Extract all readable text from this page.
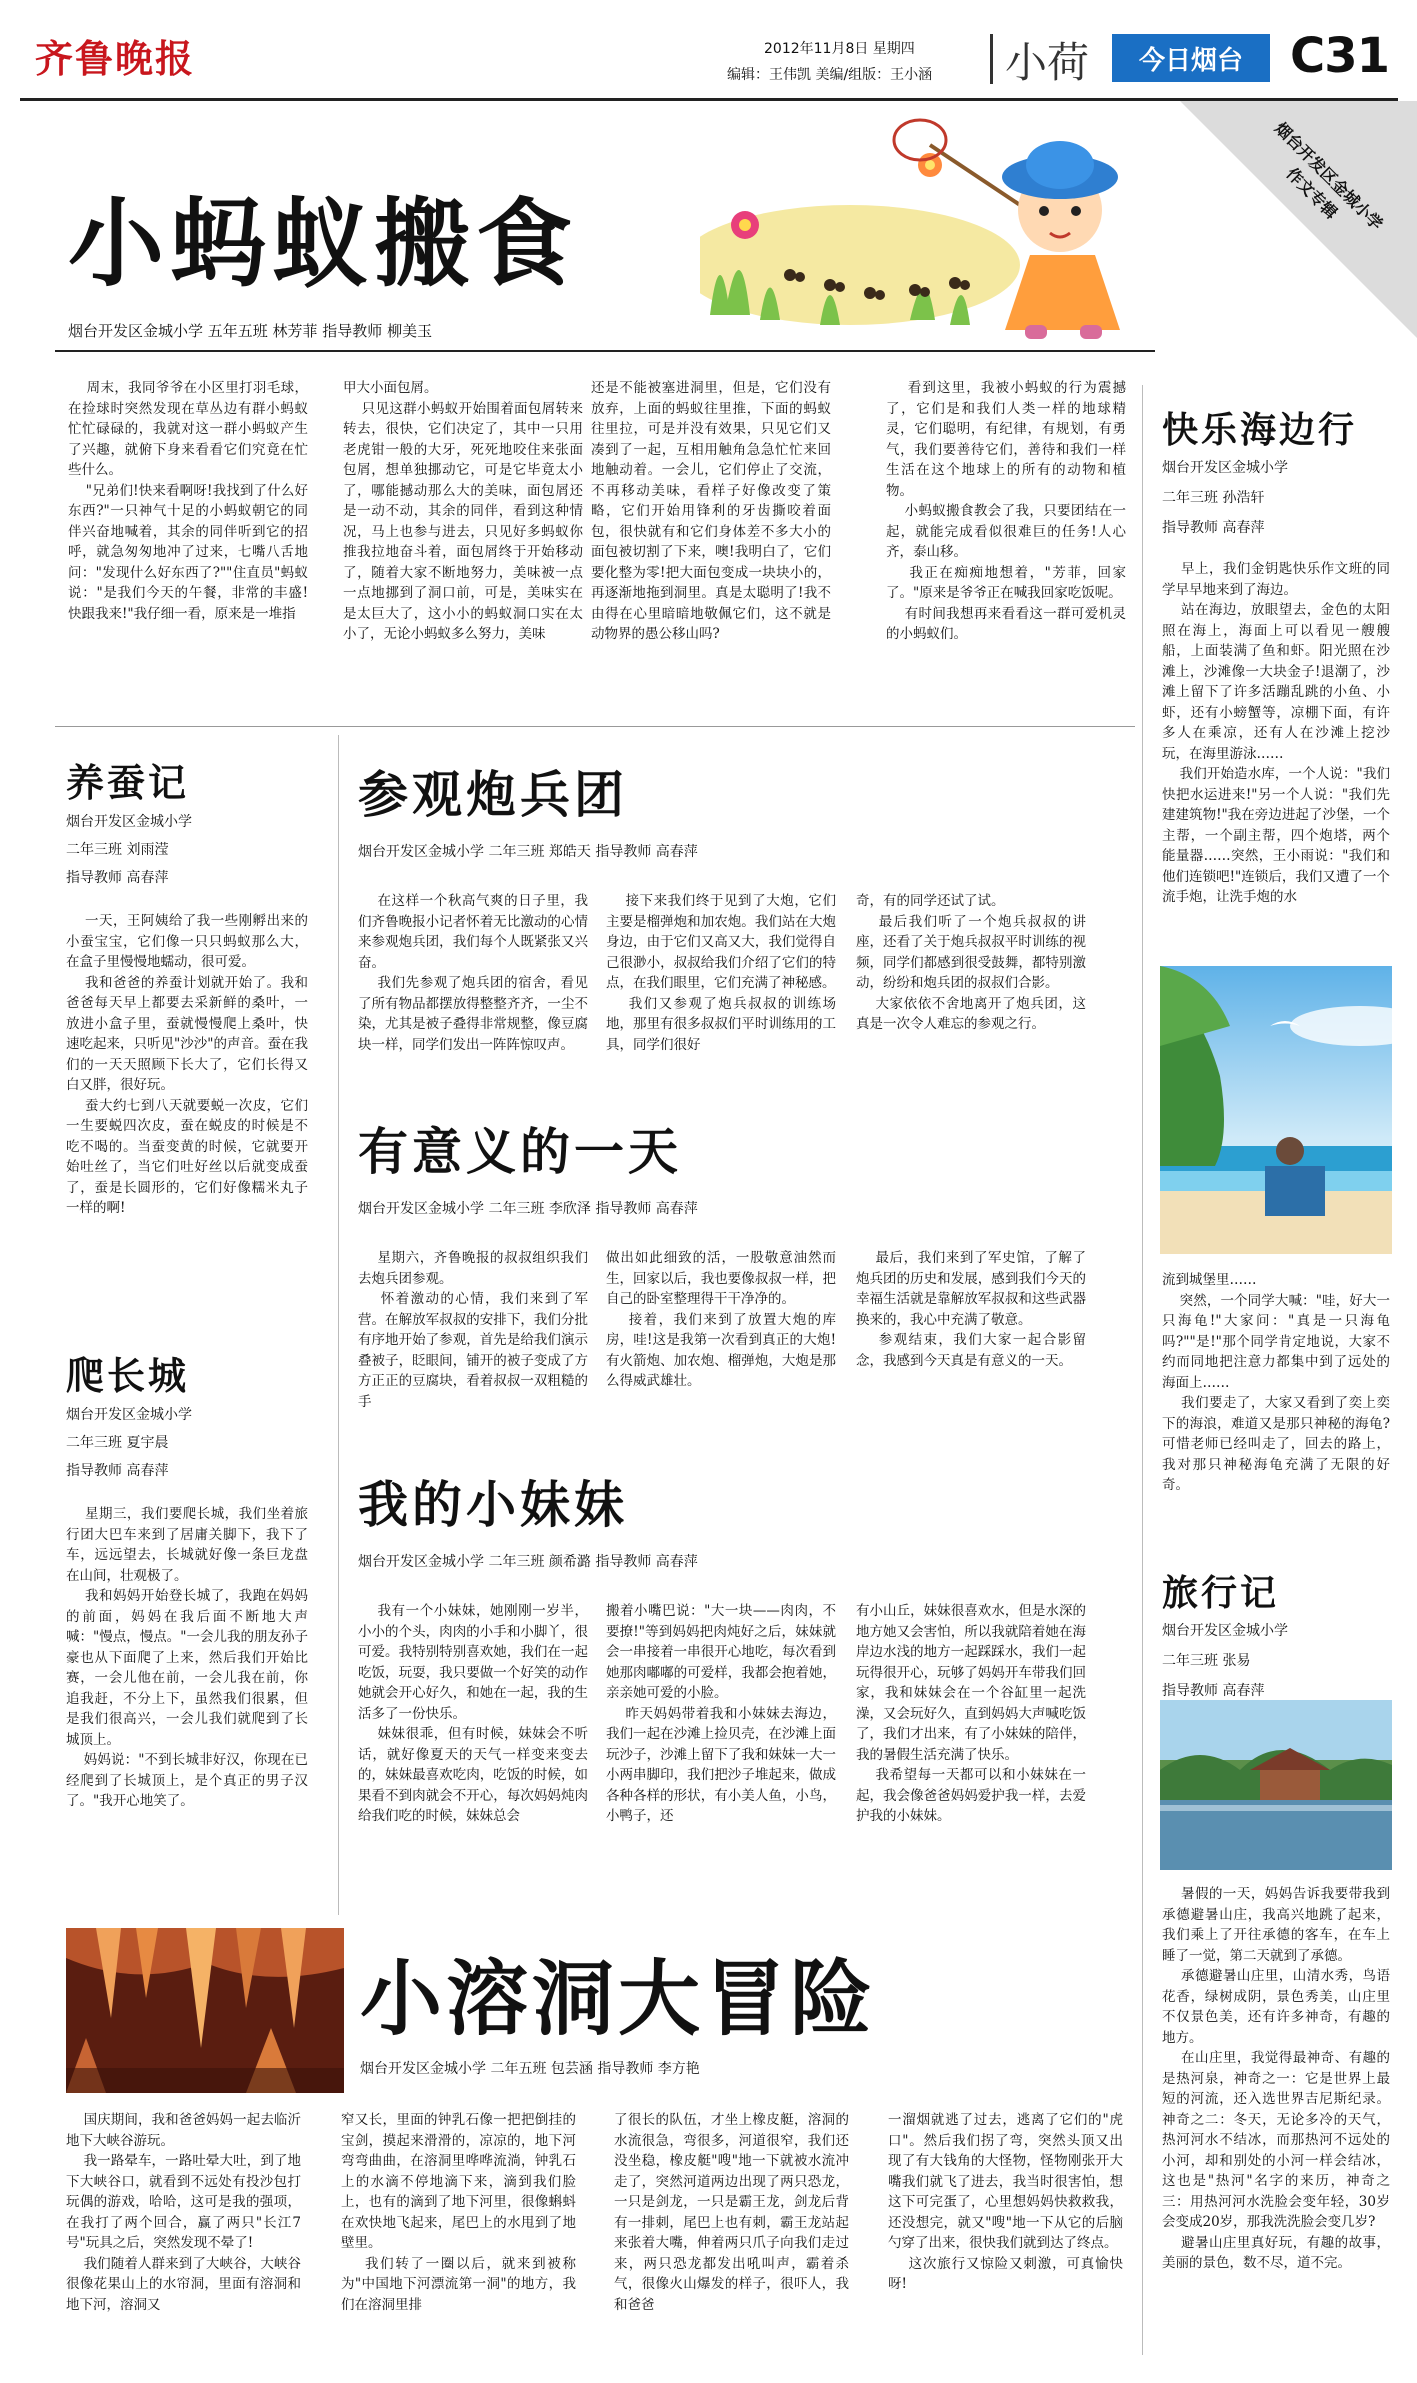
齐鲁晚报	2012年11月8日 星期四
编辑：王伟凯 美编/组版：王小涵 小荷	今日烟台 C31
烟台开发区金城小学
作文专辑
小蚂蚁搬食
烟台开发区金城小学 五年五班 林芳菲 指导教师 柳美玉

周末，我同爷爷在小区里打羽毛球，在捡球时突然发现在草丛边有群小蚂蚁忙忙碌碌的，我就对这一群小蚂蚁产生了兴趣，就俯下身来看看它们究竟在忙些什么。
"兄弟们!快来看啊呀!我找到了什么好东西?"一只神气十足的小蚂蚁朝它的同伴兴奋地喊着，其余的同伴听到它的招呼，就急匆匆地冲了过来，七嘴八舌地问："发现什么好东西了?""住直员"蚂蚁说："是我们今天的午餐，非常的丰盛!快跟我来!"我仔细一看，原来是一堆指

甲大小面包屑。
只见这群小蚂蚁开始围着面包屑转来转去，很快，它们决定了，其中一只用老虎钳一般的大牙，死死地咬住来张面包屑，想单独挪动它，可是它毕竟太小了，哪能撼动那么大的美味，面包屑还是一动不动，其余的同伴，看到这种情况，马上也参与进去，只见好多蚂蚁你推我拉地奋斗着，面包屑终于开始移动了，随着大家不断地努力，美味被一点一点地挪到了洞口前，可是，美味实在是太巨大了，这小小的蚂蚁洞口实在太小了，无论小蚂蚁多么努力，美味

还是不能被塞进洞里，但是，它们没有放弃，上面的蚂蚁往里推，下面的蚂蚁往里拉，可是并没有效果，只见它们又凑到了一起，互相用触角急急忙忙来回地触动着。一会儿，它们停止了交流，不再移动美味，看样子好像改变了策略，它们开始用锋利的牙齿撕咬着面包，很快就有和它们身体差不多大小的面包被切割了下来，噢!我明白了，它们要化整为零!把大面包变成一块块小的，再逐渐地拖到洞里。真是太聪明了!我不由得在心里暗暗地敬佩它们，这不就是动物界的愚公移山吗?

看到这里，我被小蚂蚁的行为震撼了，它们是和我们人类一样的地球精灵，它们聪明，有纪律，有规划，有勇气，我们要善待它们，善待和我们一样生活在这个地球上的所有的动物和植物。
小蚂蚁搬食教会了我，只要团结在一起，就能完成看似很难巨的任务!人心齐，泰山移。
我正在痴痴地想着，"芳菲，回家了。"原来是爷爷正在喊我回家吃饭呢。
有时间我想再来看看这一群可爱机灵的小蚂蚁们。

养蚕记
烟台开发区金城小学
二年三班 刘雨滢
指导教师 高春萍

一天，王阿姨给了我一些刚孵出来的小蚕宝宝，它们像一只只蚂蚁那么大，在盒子里慢慢地蠕动，很可爱。
我和爸爸的养蚕计划就开始了。我和爸爸每天早上都要去采新鲜的桑叶，一放进小盒子里，蚕就慢慢爬上桑叶，快速吃起来，只听见"沙沙"的声音。蚕在我们的一天天照顾下长大了，它们长得又白又胖，很好玩。
蚕大约七到八天就要蜕一次皮，它们一生要蜕四次皮，蚕在蜕皮的时候是不吃不喝的。当蚕变黄的时候，它就要开始吐丝了，当它们吐好丝以后就变成蚕了，蚕是长圆形的，它们好像糯米丸子一样的啊!

爬长城
烟台开发区金城小学
二年三班 夏宇晨
指导教师 高春萍

星期三，我们要爬长城，我们坐着旅行团大巴车来到了居庸关脚下，我下了车，远远望去，长城就好像一条巨龙盘在山间，壮观极了。
我和妈妈开始登长城了，我跑在妈妈的前面，妈妈在我后面不断地大声喊："慢点，慢点。"一会儿我的朋友孙子豪也从下面爬了上来，然后我们开始比赛，一会儿他在前，一会儿我在前，你追我赶，不分上下，虽然我们很累，但是我们很高兴，一会儿我们就爬到了长城顶上。
妈妈说："不到长城非好汉，你现在已经爬到了长城顶上，是个真正的男子汉了。"我开心地笑了。

参观炮兵团
烟台开发区金城小学 二年三班 郑皓天 指导教师 高春萍

在这样一个秋高气爽的日子里，我们齐鲁晚报小记者怀着无比激动的心情来参观炮兵团，我们每个人既紧张又兴奋。
我们先参观了炮兵团的宿舍，看见了所有物品都摆放得整整齐齐，一尘不染，尤其是被子叠得非常规整，像豆腐块一样，同学们发出一阵阵惊叹声。

接下来我们终于见到了大炮，它们主要是榴弹炮和加农炮。我们站在大炮身边，由于它们又高又大，我们觉得自己很渺小，叔叔给我们介绍了它们的特点，在我们眼里，它们充满了神秘感。
我们又参观了炮兵叔叔的训练场地，那里有很多叔叔们平时训练用的工具，同学们很好

奇，有的同学还试了试。
最后我们听了一个炮兵叔叔的讲座，还看了关于炮兵叔叔平时训练的视频，同学们都感到很受鼓舞，都特别激动，纷纷和炮兵团的叔叔们合影。
大家依依不舍地离开了炮兵团，这真是一次令人难忘的参观之行。

有意义的一天
烟台开发区金城小学 二年三班 李欣泽 指导教师 高春萍

星期六，齐鲁晚报的叔叔组织我们去炮兵团参观。
怀着激动的心情，我们来到了军营。在解放军叔叔的安排下，我们分批有序地开始了参观，首先是给我们演示叠被子，眨眼间，铺开的被子变成了方方正正的豆腐块，看着叔叔一双粗糙的手

做出如此细致的活，一股敬意油然而生，回家以后，我也要像叔叔一样，把自己的卧室整理得干干净净的。
接着，我们来到了放置大炮的库房，哇!这是我第一次看到真正的大炮!有火箭炮、加农炮、榴弹炮，大炮是那么得威武雄壮。

最后，我们来到了军史馆，了解了炮兵团的历史和发展，感到我们今天的幸福生活就是靠解放军叔叔和这些武器换来的，我心中充满了敬意。
参观结束，我们大家一起合影留念，我感到今天真是有意义的一天。

我的小妹妹
烟台开发区金城小学 二年三班 颜希潞 指导教师 高春萍

我有一个小妹妹，她刚刚一岁半，小小的个头，肉肉的小手和小脚丫，很可爱。我特别特别喜欢她，我们在一起吃饭，玩耍，我只要做一个好笑的动作她就会开心好久，和她在一起，我的生活多了一份快乐。
妹妹很乖，但有时候，妹妹会不听话，就好像夏天的天气一样变来变去的，妹妹最喜欢吃肉，吃饭的时候，如果看不到肉就会不开心，每次妈妈炖肉给我们吃的时候，妹妹总会

搬着小嘴巴说："大一块——肉肉，不要撩!"等到妈妈把肉炖好之后，妹妹就会一串接着一串很开心地吃，每次看到她那肉嘟嘟的可爱样，我都会抱着她，亲亲她可爱的小脸。
昨天妈妈带着我和小妹妹去海边，我们一起在沙滩上捡贝壳，在沙滩上面玩沙子，沙滩上留下了我和妹妹一大一小两串脚印，我们把沙子堆起来，做成各种各样的形状，有小美人鱼，小鸟，小鸭子，还

有小山丘，妹妹很喜欢水，但是水深的地方她又会害怕，所以我就陪着她在海岸边水浅的地方一起踩踩水，我们一起玩得很开心，玩够了妈妈开车带我们回家，我和妹妹会在一个谷缸里一起洗澡，又会玩好久，直到妈妈大声喊吃饭了，我们才出来，有了小妹妹的陪伴，我的暑假生活充满了快乐。
我希望每一天都可以和小妹妹在一起，我会像爸爸妈妈爱护我一样，去爱护我的小妹妹。

快乐海边行
烟台开发区金城小学
二年三班 孙浩轩
指导教师 高春萍

早上，我们金钥匙快乐作文班的同学早早地来到了海边。
站在海边，放眼望去，金色的太阳照在海上，海面上可以看见一艘艘船，上面装满了鱼和虾。阳光照在沙滩上，沙滩像一大块金子!退潮了，沙滩上留下了许多活蹦乱跳的小鱼、小虾，还有小螃蟹等，凉棚下面，有许多人在乘凉，还有人在沙滩上挖沙玩，在海里游泳……
我们开始造水库，一个人说："我们快把水运进来!"另一个人说："我们先建建筑物!"我在旁边进起了沙堡，一个主帮，一个副主帮，四个炮塔，两个能量器……突然，王小雨说："我们和他们连锁吧!"连锁后，我们又遭了一个流手炮，让洗手炮的水

流到城堡里……
突然，一个同学大喊："哇，好大一只海龟!"大家问："真是一只海龟吗?""是!"那个同学肯定地说，大家不约而同地把注意力都集中到了远处的海面上……
我们要走了，大家又看到了奕上奕下的海浪，难道又是那只神秘的海龟?可惜老师已经叫走了，回去的路上，我对那只神秘海龟充满了无限的好奇。

旅行记
烟台开发区金城小学
二年三班 张易
指导教师 高春萍

暑假的一天，妈妈告诉我要带我到承德避暑山庄，我高兴地跳了起来，我们乘上了开往承德的客车，在车上睡了一觉，第二天就到了承德。
承德避暑山庄里，山清水秀，鸟语花香，绿树成阴，景色秀美，山庄里不仅景色美，还有许多神奇，有趣的地方。
在山庄里，我觉得最神奇、有趣的是热河泉，神奇之一：它是世界上最短的河流，还入选世界吉尼斯纪录。神奇之二：冬天，无论多冷的天气，热河河水不结冰，而那热河不远处的小河，却和别处的小河一样会结冰，这也是"热河"名字的来历，神奇之三：用热河河水洗脸会变年轻，30岁会变成20岁，那我洗洗脸会变几岁?
避暑山庄里真好玩，有趣的故事，美丽的景色，数不尽，道不完。

小溶洞大冒险
烟台开发区金城小学 二年五班 包芸涵 指导教师 李方艳

国庆期间，我和爸爸妈妈一起去临沂地下大峡谷游玩。
我一路晕车，一路吐晕大吐，到了地下大峡谷口，就看到不远处有投沙包打玩偶的游戏，哈哈，这可是我的强项，在我打了两个回合，赢了两只"长江7号"玩具之后，突然发现不晕了!
我们随着人群来到了大峡谷，大峡谷很像花果山上的水帘洞，里面有溶洞和地下河，溶洞又

窄又长，里面的钟乳石像一把把倒挂的宝剑，摸起来滑滑的，凉凉的，地下河弯弯曲曲，在溶洞里哗哗流淌，钟乳石上的水滴不停地滴下来，滴到我们脸上，也有的滴到了地下河里，很像蝌蚪在欢快地飞起来，尾巴上的水甩到了地壁里。
我们转了一圈以后，就来到被称为"中国地下河漂流第一洞"的地方，我们在溶洞里排

了很长的队伍，才坐上橡皮艇，溶洞的水流很急，弯很多，河道很窄，我们还没坐稳，橡皮艇"嗖"地一下就被水流冲走了，突然河道两边出现了两只恐龙，一只是剑龙，一只是霸王龙，剑龙后背有一排刺，尾巴上也有刺，霸王龙站起来张着大嘴，伸着两只爪子向我们走过来，两只恐龙都发出吼叫声，霸着杀气，很像火山爆发的样子，很吓人，我和爸爸

一溜烟就逃了过去，逃离了它们的"虎口"。然后我们拐了弯，突然头顶又出现了有大钱角的大怪物，怪物刚张开大嘴我们就飞了进去，我当时很害怕，想这下可完蛋了，心里想妈妈快救救我，还没想完，就又"嗖"地一下从它的后脑勺穿了出来，很快我们就到达了终点。
这次旅行又惊险又刺激，可真愉快呀!
